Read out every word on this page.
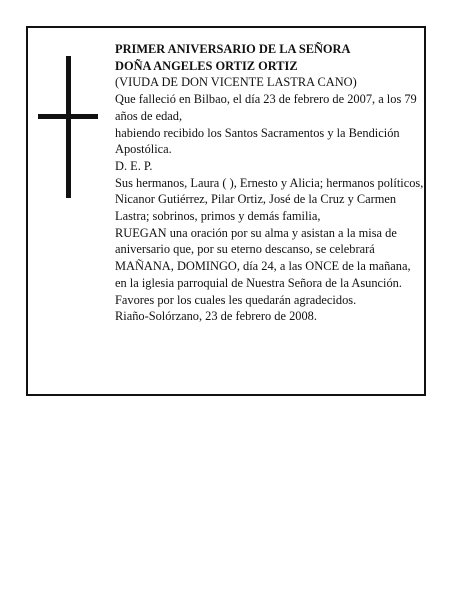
PRIMER ANIVERSARIO DE LA SEÑORA
DOÑA ANGELES ORTIZ ORTIZ
(VIUDA DE DON VICENTE LASTRA CANO)
Que falleció en Bilbao, el día 23 de febrero de 2007, a los 79 años de edad,
habiendo recibido los Santos Sacramentos y la Bendición Apostólica.
D. E. P.
Sus hermanos, Laura ( ), Ernesto y Alicia; hermanos políticos, Nicanor Gutiérrez, Pilar Ortiz, José de la Cruz y Carmen Lastra; sobrinos, primos y demás familia,
RUEGAN una oración por su alma y asistan a la misa de aniversario que, por su eterno descanso, se celebrará MAÑANA, DOMINGO, día 24, a las ONCE de la mañana, en la iglesia parroquial de Nuestra Señora de la Asunción. Favores por los cuales les quedarán agradecidos.
Riaño-Solórzano, 23 de febrero de 2008.
